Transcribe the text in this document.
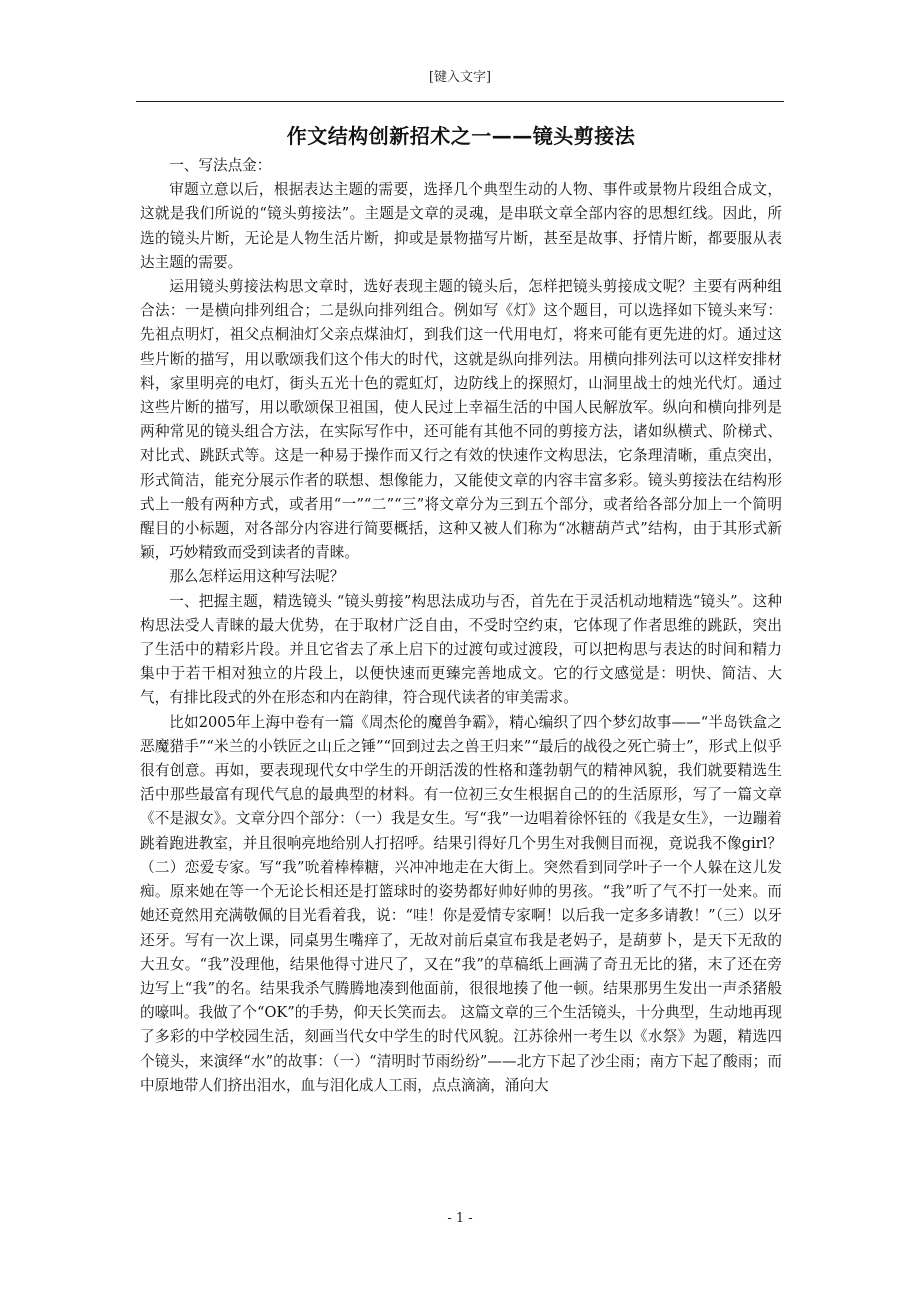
[键入文字]
作文结构创新招术之一——镜头剪接法

一、写法点金：

审题立意以后，根据表达主题的需要，选择几个典型生动的人物、事件或景物片段组合成文，这就是我们所说的“镜头剪接法”。主题是文章的灵魂，是串联文章全部内容的思想红线。因此，所选的镜头片断，无论是人物生活片断，抑或是景物描写片断，甚至是故事、抒情片断，都要服从表达主题的需要。

运用镜头剪接法构思文章时，选好表现主题的镜头后，怎样把镜头剪接成文呢？主要有两种组合法：一是横向排列组合；二是纵向排列组合。例如写《灯》这个题目，可以选择如下镜头来写：先祖点明灯，祖父点桐油灯父亲点煤油灯，到我们这一代用电灯，将来可能有更先进的灯。通过这些片断的描写，用以歌颂我们这个伟大的时代，这就是纵向排列法。用横向排列法可以这样安排材料，家里明亮的电灯，街头五光十色的霓虹灯，边防线上的探照灯，山洞里战士的烛光代灯。通过这些片断的描写，用以歌颂保卫祖国，使人民过上幸福生活的中国人民解放军。纵向和横向排列是两种常见的镜头组合方法，在实际写作中，还可能有其他不同的剪接方法，诸如纵横式、阶梯式、对比式、跳跃式等。这是一种易于操作而又行之有效的快速作文构思法，它条理清晰，重点突出，形式简洁，能充分展示作者的联想、想像能力，又能使文章的内容丰富多彩。镜头剪接法在结构形式上一般有两种方式，或者用“一”“二”“三”将文章分为三到五个部分，或者给各部分加上一个简明醒目的小标题，对各部分内容进行简要概括，这种又被人们称为“冰糖葫芦式”结构，由于其形式新颖，巧妙精致而受到读者的青睐。

那么怎样运用这种写法呢？

一、把握主题，精选镜头 “镜头剪接”构思法成功与否，首先在于灵活机动地精选“镜头”。这种构思法受人青睐的最大优势，在于取材广泛自由，不受时空约束，它体现了作者思维的跳跃，突出了生活中的精彩片段。并且它省去了承上启下的过渡句或过渡段，可以把构思与表达的时间和精力集中于若干相对独立的片段上，以便快速而更臻完善地成文。它的行文感觉是：明快、简洁、大气，有排比段式的外在形态和内在韵律，符合现代读者的审美需求。

比如2005年上海中卷有一篇《周杰伦的魔兽争霸》，精心编织了四个梦幻故事——“半岛铁盒之恶魔猎手”“米兰的小铁匠之山丘之锤”“回到过去之兽王归来”“最后的战役之死亡骑士”，形式上似乎很有创意。再如，要表现现代女中学生的开朗活泼的性格和蓬勃朝气的精神风貌，我们就要精选生活中那些最富有现代气息的最典型的材料。有一位初三女生根据自己的的生活原形，写了一篇文章《不是淑女》。文章分四个部分：（一）我是女生。写“我”一边唱着徐怀钰的《我是女生》，一边蹦着跳着跑进教室，并且很响亮地给别人打招呼。结果引得好几个男生对我侧目而视，竟说我不像girl？（二）恋爱专家。写“我”吮着棒棒糖，兴冲冲地走在大街上。突然看到同学叶子一个人躲在这儿发痴。原来她在等一个无论长相还是打篮球时的姿势都好帅好帅的男孩。“我”听了气不打一处来。而她还竟然用充满敬佩的目光看着我，说：“哇！你是爱情专家啊！以后我一定多多请教！”（三）以牙还牙。写有一次上课，同桌男生嘴痒了，无故对前后桌宣布我是老妈子，是葫萝卜，是天下无敌的大丑女。“我”没理他，结果他得寸进尺了，又在“我”的草稿纸上画满了奇丑无比的猪，末了还在旁边写上“我”的名。结果我杀气腾腾地凑到他面前，很很地揍了他一顿。结果那男生发出一声杀猪般的嚎叫。我做了个“OK”的手势，仰天长笑而去。 这篇文章的三个生活镜头，十分典型，生动地再现了多彩的中学校园生活，刻画当代女中学生的时代风貌。江苏徐州一考生以《水祭》为题，精选四个镜头，来演绎“水”的故事：（一）“清明时节雨纷纷”——北方下起了沙尘雨；南方下起了酸雨；而中原地带人们挤出泪水，血与泪化成人工雨，点点滴滴，涌向大

- 1 -
